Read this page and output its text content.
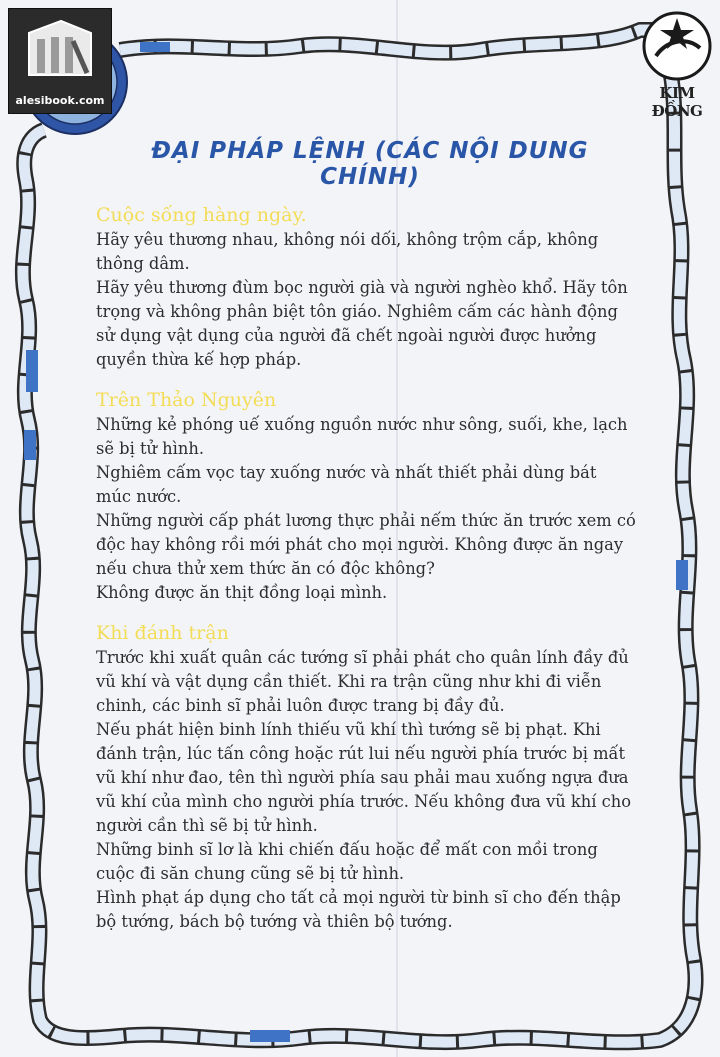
alesibook.com	KIM ĐỒNG
ĐẠI PHÁP LỆNH (CÁC NỘI DUNG CHÍNH)
Cuộc sống hàng ngày.

Hãy yêu thương nhau, không nói dối, không trộm cắp, không thông dâm.

Hãy yêu thương đùm bọc người già và người nghèo khổ. Hãy tôn trọng và không phân biệt tôn giáo. Nghiêm cấm các hành động sử dụng vật dụng của người đã chết ngoài người được hưởng quyền thừa kế hợp pháp.

Trên Thảo Nguyên

Những kẻ phóng uế xuống nguồn nước như sông, suối, khe, lạch sẽ bị tử hình.

Nghiêm cấm vọc tay xuống nước và nhất thiết phải dùng bát múc nước.

Những người cấp phát lương thực phải nếm thức ăn trước xem có độc hay không rồi mới phát cho mọi người. Không được ăn ngay nếu chưa thử xem thức ăn có độc không?

Không được ăn thịt đồng loại mình.

Khi đánh trận

Trước khi xuất quân các tướng sĩ phải phát cho quân lính đầy đủ vũ khí và vật dụng cần thiết. Khi ra trận cũng như khi đi viễn chinh, các binh sĩ phải luôn được trang bị đầy đủ.

Nếu phát hiện binh lính thiếu vũ khí thì tướng sẽ bị phạt. Khi đánh trận, lúc tấn công hoặc rút lui nếu người phía trước bị mất vũ khí như đao, tên thì người phía sau phải mau xuống ngựa đưa vũ khí của mình cho người phía trước. Nếu không đưa vũ khí cho người cần thì sẽ bị tử hình.

Những binh sĩ lơ là khi chiến đấu hoặc để mất con mồi trong cuộc đi săn chung cũng sẽ bị tử hình.

Hình phạt áp dụng cho tất cả mọi người từ binh sĩ cho đến thập bộ tướng, bách bộ tướng và thiên bộ tướng.
